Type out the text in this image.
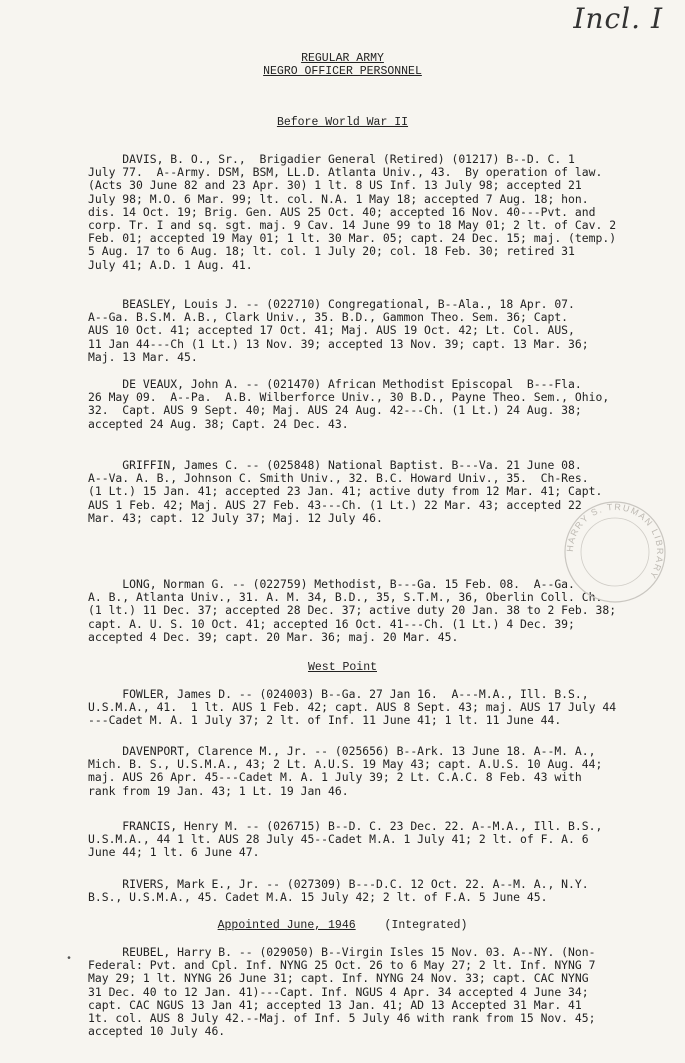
Incl. I
REGULAR ARMY
NEGRO OFFICER PERSONNEL
Before World War II
DAVIS, B. O., Sr.,  Brigadier General (Retired) (01217) B--D. C. 1
July 77.  A--Army. DSM, BSM, LL.D. Atlanta Univ., 43.  By operation of law.
(Acts 30 June 82 and 23 Apr. 30) 1 lt. 8 US Inf. 13 July 98; accepted 21
July 98; M.O. 6 Mar. 99; lt. col. N.A. 1 May 18; accepted 7 Aug. 18; hon.
dis. 14 Oct. 19; Brig. Gen. AUS 25 Oct. 40; accepted 16 Nov. 40---Pvt. and
corp. Tr. I and sq. sgt. maj. 9 Cav. 14 June 99 to 18 May 01; 2 lt. of Cav. 2
Feb. 01; accepted 19 May 01; 1 lt. 30 Mar. 05; capt. 24 Dec. 15; maj. (temp.)
5 Aug. 17 to 6 Aug. 18; lt. col. 1 July 20; col. 18 Feb. 30; retired 31
July 41; A.D. 1 Aug. 41.
BEASLEY, Louis J. -- (022710) Congregational, B--Ala., 18 Apr. 07.
A--Ga. B.S.M. A.B., Clark Univ., 35. B.D., Gammon Theo. Sem. 36; Capt.
AUS 10 Oct. 41; accepted 17 Oct. 41; Maj. AUS 19 Oct. 42; Lt. Col. AUS,
11 Jan 44---Ch (1 Lt.) 13 Nov. 39; accepted 13 Nov. 39; capt. 13 Mar. 36;
Maj. 13 Mar. 45.
DE VEAUX, John A. -- (021470) African Methodist Episcopal  B---Fla.
26 May 09.  A--Pa.  A.B. Wilberforce Univ., 30 B.D., Payne Theo. Sem., Ohio,
32.  Capt. AUS 9 Sept. 40; Maj. AUS 24 Aug. 42---Ch. (1 Lt.) 24 Aug. 38;
accepted 24 Aug. 38; Capt. 24 Dec. 43.
GRIFFIN, James C. -- (025848) National Baptist. B---Va. 21 June 08.
A--Va. A. B., Johnson C. Smith Univ., 32. B.C. Howard Univ., 35.  Ch-Res.
(1 Lt.) 15 Jan. 41; accepted 23 Jan. 41; active duty from 12 Mar. 41; Capt.
AUS 1 Feb. 42; Maj. AUS 27 Feb. 43---Ch. (1 Lt.) 22 Mar. 43; accepted 22
Mar. 43; capt. 12 July 37; Maj. 12 July 46.
LONG, Norman G. -- (022759) Methodist, B---Ga. 15 Feb. 08.  A--Ga.
A. B., Atlanta Univ., 31. A. M. 34, B.D., 35, S.T.M., 36, Oberlin Coll. Ch.
(1 lt.) 11 Dec. 37; accepted 28 Dec. 37; active duty 20 Jan. 38 to 2 Feb. 38;
capt. A. U. S. 10 Oct. 41; accepted 16 Oct. 41---Ch. (1 Lt.) 4 Dec. 39;
accepted 4 Dec. 39; capt. 20 Mar. 36; maj. 20 Mar. 45.
West Point
FOWLER, James D. -- (024003) B--Ga. 27 Jan 16.  A---M.A., Ill. B.S.,
U.S.M.A., 41.  1 lt. AUS 1 Feb. 42; capt. AUS 8 Sept. 43; maj. AUS 17 July 44
---Cadet M. A. 1 July 37; 2 lt. of Inf. 11 June 41; 1 lt. 11 June 44.
DAVENPORT, Clarence M., Jr. -- (025656) B--Ark. 13 June 18. A--M. A.,
Mich. B. S., U.S.M.A., 43; 2 Lt. A.U.S. 19 May 43; capt. A.U.S. 10 Aug. 44;
maj. AUS 26 Apr. 45---Cadet M. A. 1 July 39; 2 Lt. C.A.C. 8 Feb. 43 with
rank from 19 Jan. 43; 1 Lt. 19 Jan 46.
FRANCIS, Henry M. -- (026715) B--D. C. 23 Dec. 22. A--M.A., Ill. B.S.,
U.S.M.A., 44 1 lt. AUS 28 July 45--Cadet M.A. 1 July 41; 2 lt. of F. A. 6
June 44; 1 lt. 6 June 47.
RIVERS, Mark E., Jr. -- (027309) B---D.C. 12 Oct. 22. A--M. A., N.Y.
B.S., U.S.M.A., 45. Cadet M.A. 15 July 42; 2 lt. of F.A. 5 June 45.
Appointed June, 1946	(Integrated)
•
REUBEL, Harry B. -- (029050) B--Virgin Isles 15 Nov. 03. A--NY. (Non-
Federal: Pvt. and Cpl. Inf. NYNG 25 Oct. 26 to 6 May 27; 2 lt. Inf. NYNG 7
May 29; 1 lt. NYNG 26 June 31; capt. Inf. NYNG 24 Nov. 33; capt. CAC NYNG
31 Dec. 40 to 12 Jan. 41)---Capt. Inf. NGUS 4 Apr. 34 accepted 4 June 34;
capt. CAC NGUS 13 Jan 41; accepted 13 Jan. 41; AD 13 Accepted 31 Mar. 41
1t. col. AUS 8 July 42.--Maj. of Inf. 5 July 46 with rank from 15 Nov. 45;
accepted 10 July 46.
HARRY S. TRUMAN LIBRARY
